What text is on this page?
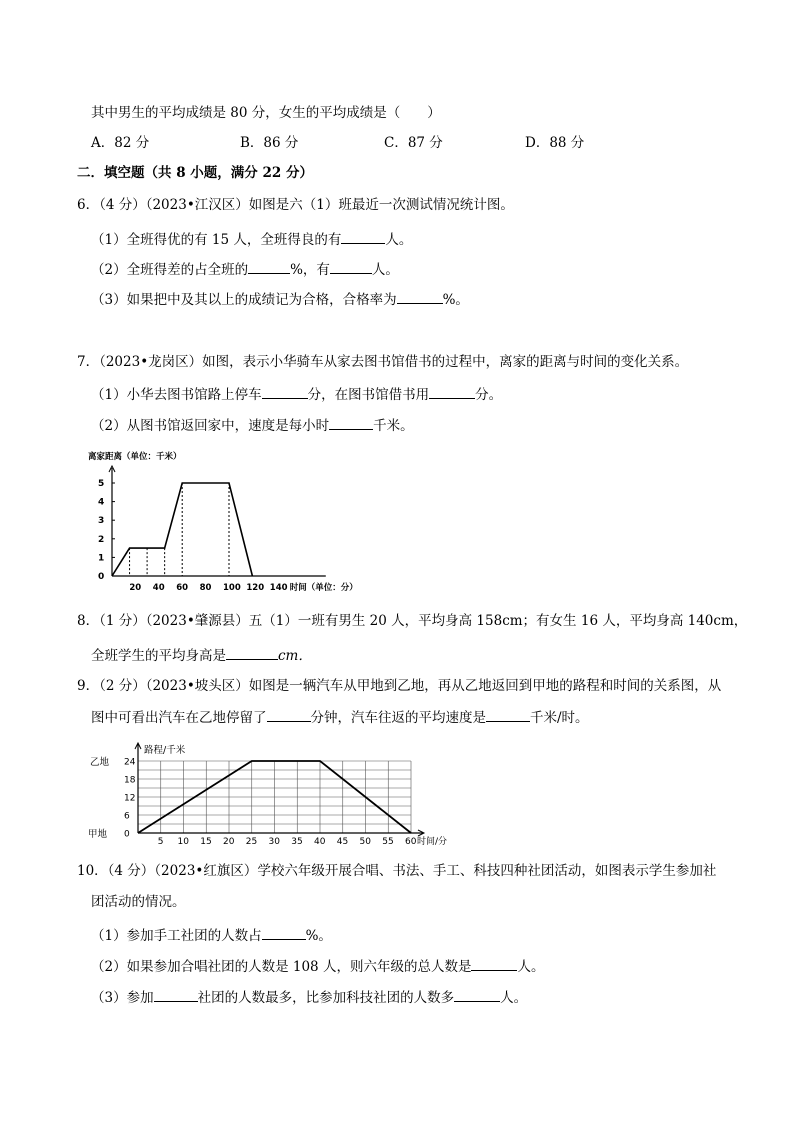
其中男生的平均成绩是 80 分，女生的平均成绩是（　　）
A．82 分	B．86 分	C．87 分	D．88 分
二．填空题（共 8 小题，满分 22 分）
6．（4 分）（2023•江汉区）如图是六（1）班最近一次测试情况统计图。
（1）全班得优的有 15 人，全班得良的有	人。
（2）全班得差的占全班的	%，有	人。
（3）如果把中及其以上的成绩记为合格，合格率为	%。
7．（2023•龙岗区）如图，表示小华骑车从家去图书馆借书的过程中，离家的距离与时间的变化关系。
（1）小华去图书馆路上停车	分，在图书馆借书用	分。
（2）从图书馆返回家中，速度是每小时	千米。
离家距离（单位：千米）
0
1
2
3
4
5
20 40 60 80 100 120 140 时间（单位：分）
8．（1 分）（2023•肇源县）五（1）一班有男生 20 人，平均身高 158cm；有女生 16 人，平均身高 140cm，
全班学生的平均身高是	cm．
9．（2 分）（2023•坡头区）如图是一辆汽车从甲地到乙地，再从乙地返回到甲地的路程和时间的关系图，从
图中可看出汽车在乙地停留了	分钟，汽车往返的平均速度是	千米/时。
路程/千米
乙地
甲地 0
6
12
18
24
5 10 15 20 25 30 35 40 45 50 55 60 时间/分
10．（4 分）（2023•红旗区）学校六年级开展合唱、书法、手工、科技四种社团活动，如图表示学生参加社
团活动的情况。
（1）参加手工社团的人数占	%。
（2）如果参加合唱社团的人数是 108 人，则六年级的总人数是	人。
（3）参加	社团的人数最多，比参加科技社团的人数多	人。
